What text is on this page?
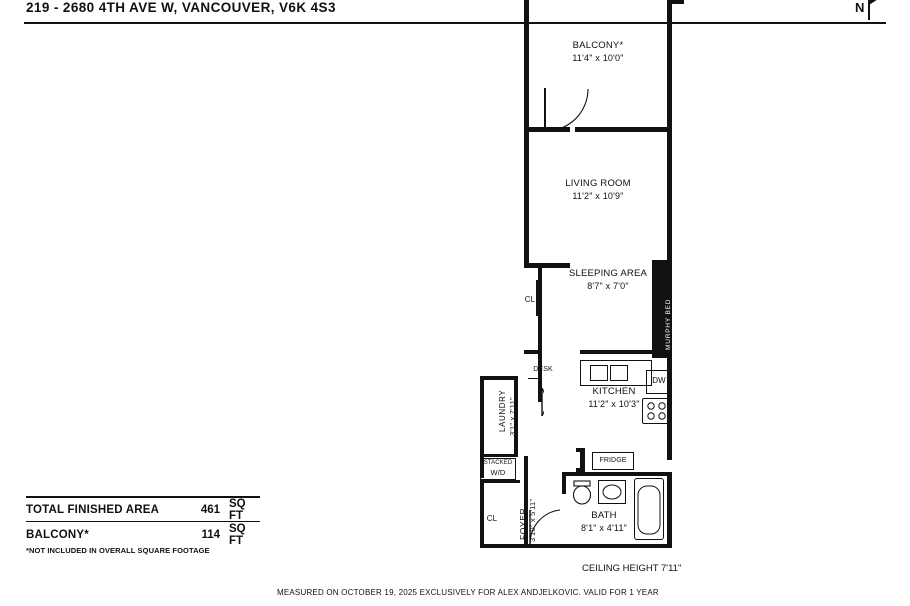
219 - 2680 4TH AVE W, VANCOUVER, V6K 4S3	N
TOTAL FINISHED AREA	461 SQ FT
BALCONY*	114 SQ FT
*NOT INCLUDED IN OVERALL SQUARE FOOTAGE
CEILING HEIGHT 7'11"
MEASURED ON OCTOBER 19, 2025 EXCLUSIVELY FOR ALEX ANDJELKOVIC. VALID FOR 1 YEAR
BALCONY*
11'4" x 10'0"
LIVING ROOM
11'2" x 10'9"
MURPHY BED
CL
SLEEPING AREA
8'7" x 7'0"
DW
FRIDGE
KITCHEN
11'2" x 10'3"
DESK
LAUNDRY 3'1" x 7'11"
STACKED
W/D
CL	FOYER 3'10" x 5'11"	BATH
8'1" x 4'11"
